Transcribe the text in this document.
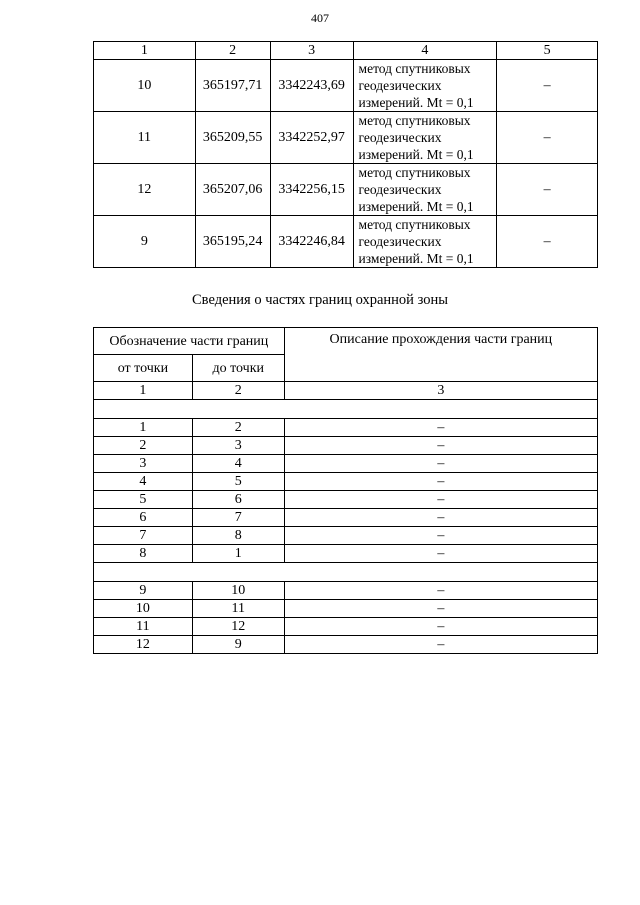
407
1	2	3	4	5
10	365197,71	3342243,69	метод спутниковых
геодезических
измерений. Mt = 0,1	–
11	365209,55	3342252,97	метод спутниковых
геодезических
измерений. Mt = 0,1	–
12	365207,06	3342256,15	метод спутниковых
геодезических
измерений. Mt = 0,1	–
9	365195,24	3342246,84	метод спутниковых
геодезических
измерений. Mt = 0,1	–
Сведения о частях границ охранной зоны
Обозначение части границ		Описание прохождения части границ
от точки	до точки	
1	2	3

1	2	–
2	3	–
3	4	–
4	5	–
5	6	–
6	7	–
7	8	–
8	1	–

9	10	–
10	11	–
11	12	–
12	9	–
